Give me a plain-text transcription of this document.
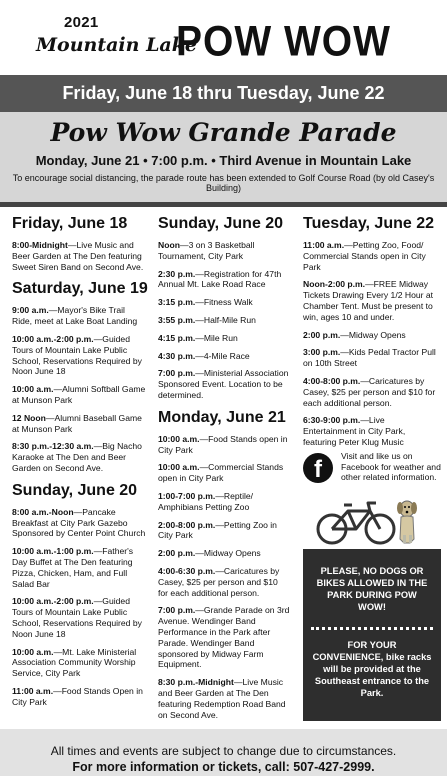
2021
Mountain Lake
POW WOW
Friday, June 18 thru Tuesday, June 22
Pow Wow Grande Parade
Monday, June 21 • 7:00 p.m. • Third Avenue in Mountain Lake
To encourage social distancing, the parade route has been extended to Golf Course Road (by old Casey's Building)
Friday, June 18
8:00-Midnight—Live Music and Beer Garden at The Den featuring Sweet Siren Band on Second Ave.
Saturday, June 19
9:00 a.m.—Mayor's Bike Trail Ride, meet at Lake Boat Landing
10:00 a.m.-2:00 p.m.—Guided Tours of Mountain Lake Public School, Reservations Required by Noon June 18
10:00 a.m.—Alumni Softball Game at Munson Park
12 Noon—Alumni Baseball Game at Munson Park
8:30 p.m.-12:30 a.m.—Big Nacho Karaoke at The Den and Beer Garden on Second Ave.
Sunday, June 20
8:00 a.m.-Noon—Pancake Breakfast at City Park Gazebo Sponsored by Center Point Church
10:00 a.m.-1:00 p.m.—Father's Day Buffet at The Den featuring Pizza, Chicken, Ham, and Full Salad Bar
10:00 a.m.-2:00 p.m.—Guided Tours of Mountain Lake Public School, Reservations Required by Noon June 18
10:00 a.m.—Mt. Lake Ministerial Association Community Worship Service, City Park
11:00 a.m.—Food Stands Open in City Park
Sunday, June 20
Noon—3 on 3 Basketball Tournament, City Park
2:30 p.m.—Registration for 47th Annual Mt. Lake Road Race
3:15 p.m.—Fitness Walk
3:55 p.m.—Half-Mile Run
4:15 p.m.—Mile Run
4:30 p.m.—4-Mile Race
7:00 p.m.—Ministerial Association Sponsored Event. Location to be determined.
Monday, June 21
10:00 a.m.—Food Stands open in City Park
10:00 a.m.—Commercial Stands open in City Park
1:00-7:00 p.m.—Reptile/ Amphibians Petting Zoo
2:00-8:00 p.m.—Petting Zoo in City Park
2:00 p.m.—Midway Opens
4:00-6:30 p.m.—Caricatures by Casey, $25 per person and $10 for each additional person.
7:00 p.m.—Grande Parade on 3rd Avenue. Wendinger Band Performance in the Park after Parade. Wendinger Band sponsored by Midway Farm Equipment.
8:30 p.m.-Midnight—Live Music and Beer Garden at The Den featuring Redemption Road Band on Second Ave.
Tuesday, June 22
11:00 a.m.—Petting Zoo, Food/ Commercial Stands open in City Park
Noon-2:00 p.m.—FREE Midway Tickets Drawing Every 1/2 Hour at Chamber Tent. Must be present to win, ages 10 and under.
2:00 p.m.—Midway Opens
3:00 p.m.—Kids Pedal Tractor Pull on 10th Street
4:00-8:00 p.m.—Caricatures by Casey, $25 per person and $10 for each additional person.
6:30-9:00 p.m.—Live Entertainment in City Park, featuring Peter Klug Music
f	Visit and like us on Facebook for weather and other related information.
PLEASE, NO DOGS OR BIKES ALLOWED IN THE PARK DURING POW WOW!
FOR YOUR CONVENIENCE, bike racks will be provided at the Southeast entrance to the Park.
All times and events are subject to change due to circumstances.
For more information or tickets, call: 507-427-2999.
